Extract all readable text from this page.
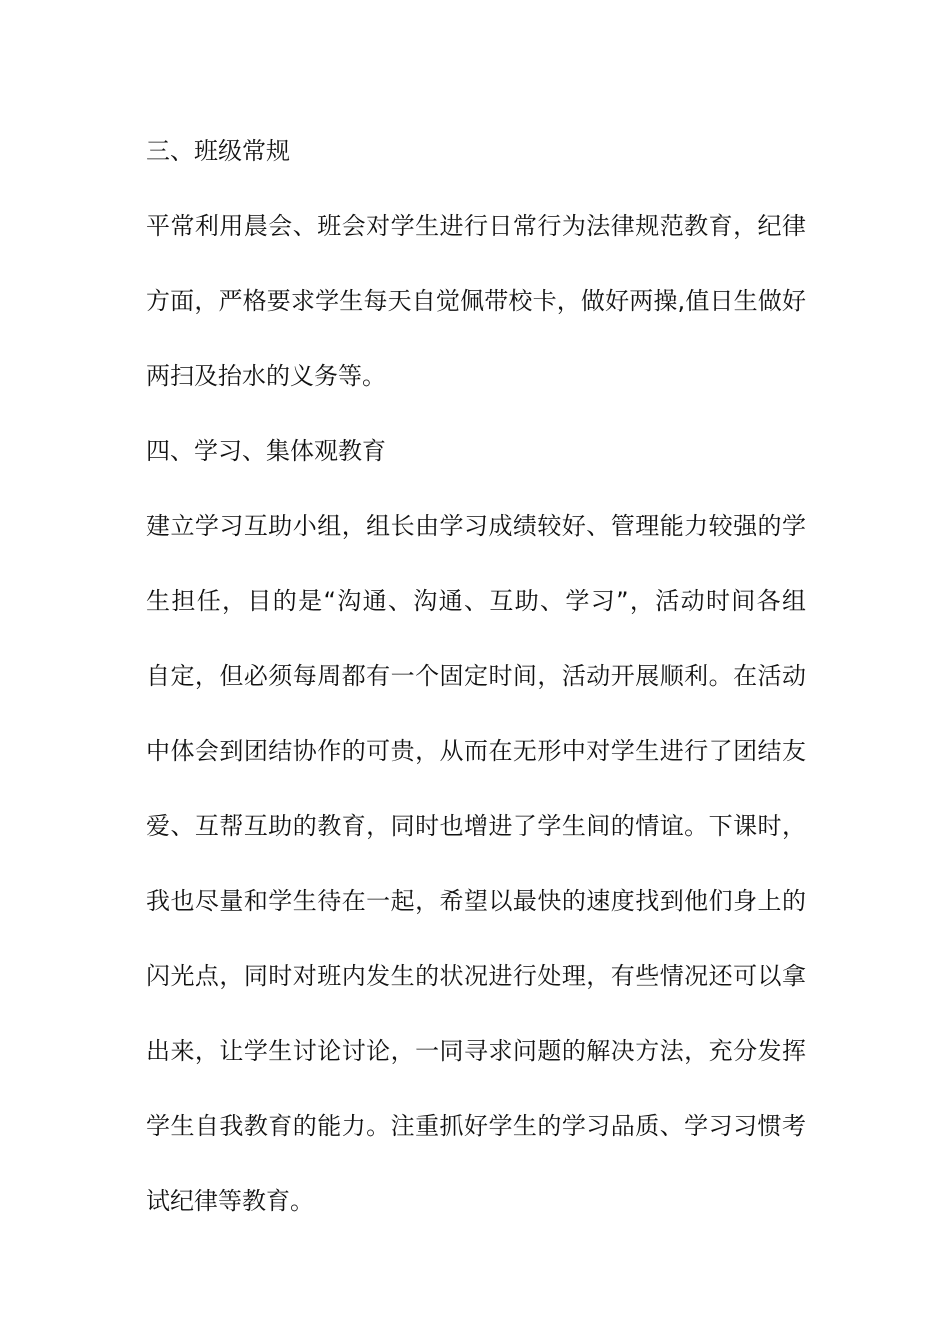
三、班级常规

平常利用晨会、班会对学生进行日常行为法律规范教育，纪律

方面，严格要求学生每天自觉佩带校卡，做好两操,值日生做好

两扫及抬水的义务等。

四、学习、集体观教育

建立学习互助小组，组长由学习成绩较好、管理能力较强的学

生担任，目的是“沟通、沟通、互助、学习”，活动时间各组

自定，但必须每周都有一个固定时间，活动开展顺利。在活动

中体会到团结协作的可贵，从而在无形中对学生进行了团结友

爱、互帮互助的教育，同时也增进了学生间的情谊。下课时，

我也尽量和学生待在一起，希望以最快的速度找到他们身上的

闪光点，同时对班内发生的状况进行处理，有些情况还可以拿

出来，让学生讨论讨论，一同寻求问题的解决方法，充分发挥

学生自我教育的能力。注重抓好学生的学习品质、学习习惯考

试纪律等教育。
